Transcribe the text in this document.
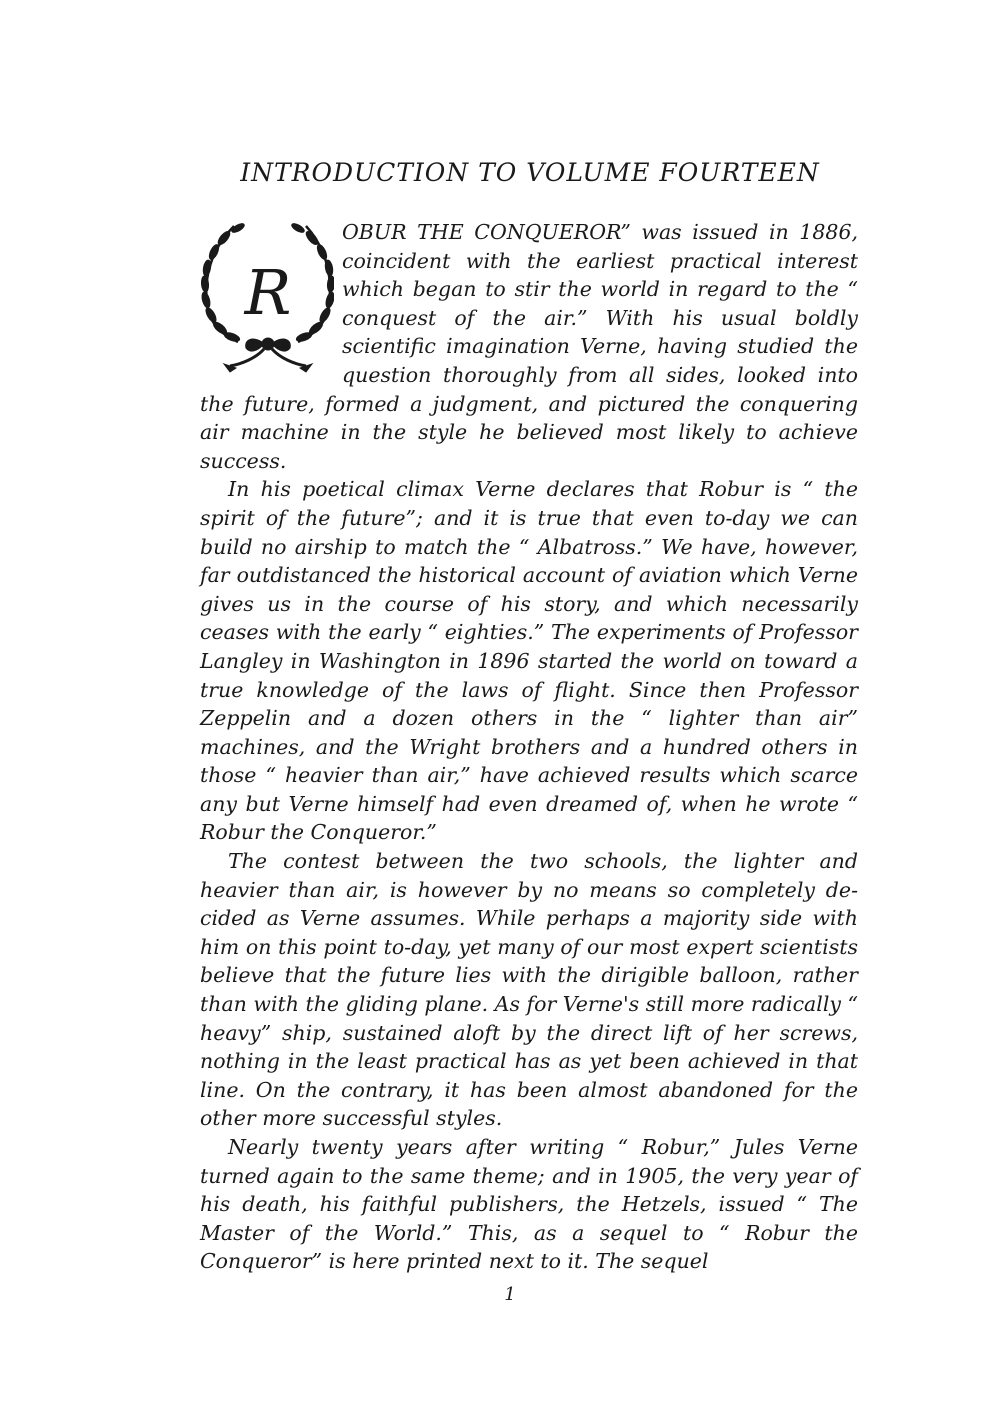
INTRODUCTION TO VOLUME FOURTEEN

R
OBUR THE CONQUEROR” was issued in 1886, coincident with the earliest practical interest which began to stir the world in regard to the “ conquest of the air.” With his usual boldly scientific imagination Verne, having studied the question thoroughly from all sides, looked into the future, formed a judgment, and pictured the conquering air machine in the style he believed most likely to achieve success.

In his poetical climax Verne declares that Robur is “ the spirit of the future”; and it is true that even to-day we can build no airship to match the “ Albatross.” We have, however, far outdistanced the historical account of aviation which Verne gives us in the course of his story, and which necessarily ceases with the early “ eighties.” The experiments of Professor Langley in Washington in 1896 started the world on toward a true knowledge of the laws of flight. Since then Professor Zeppelin and a dozen others in the “ lighter than air” machines, and the Wright brothers and a hundred others in those “ heavier than air,” have achieved results which scarce any but Verne himself had even dreamed of, when he wrote “ Robur the Conqueror.”

The contest between the two schools, the lighter and heavier than air, is however by no means so completely decided as Verne assumes. While perhaps a majority side with him on this point to-day, yet many of our most expert scientists believe that the future lies with the dirigible balloon, rather than with the gliding plane. As for Verne's still more radically “ heavy” ship, sustained aloft by the direct lift of her screws, nothing in the least practical has as yet been achieved in that line. On the contrary, it has been almost abandoned for the other more successful styles.

Nearly twenty years after writing “ Robur,” Jules Verne turned again to the same theme; and in 1905, the very year of his death, his faithful publishers, the Hetzels, issued “ The Master of the World.” This, as a sequel to “ Robur the Conqueror” is here printed next to it. The sequel

1
